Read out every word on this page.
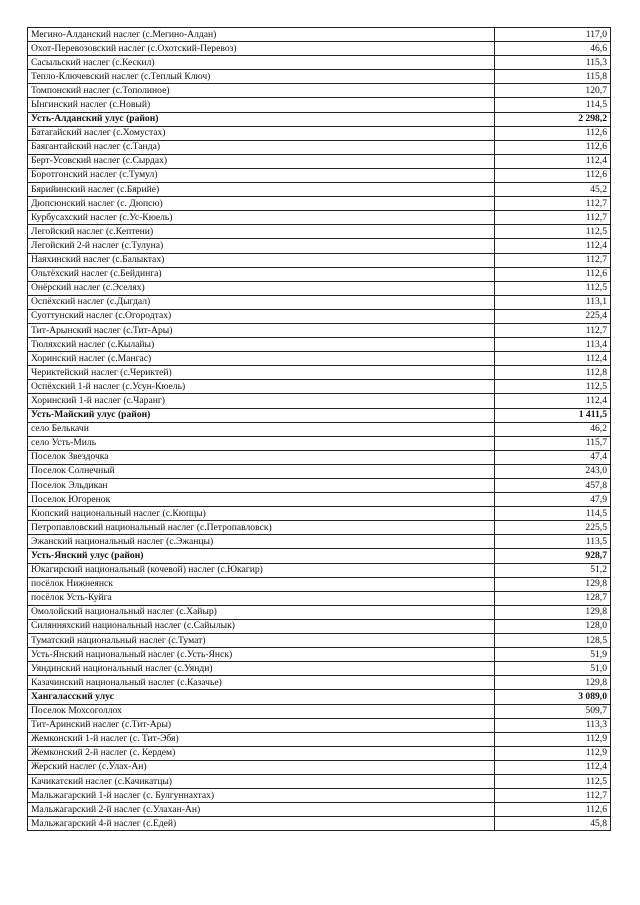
Мегино-Алданский наслег (с.Мегино-Алдан)	117,0
Охот-Перевозовский наслег (с.Охотский-Перевоз)	46,6
Сасыльский наслег (с.Кескил)	115,3
Тепло-Ключевский наслег (с.Теплый Ключ)	115,8
Томпонский наслег (с.Тополиное)	120,7
Ынгинский наслег (с.Новый)	114,5
Усть-Алданский улус (район)	2 298,2
Батагайский наслег (с.Хомустах)	112,6
Баягантайский наслег (с.Танда)	112,6
Берт-Усовский наслег (с.Сырдах)	112,4
Боротгонский наслег (с.Тумул)	112,6
Бярийинский наслег (с.Бярийе)	45,2
Дюпсюнский наслег (с. Дюпсю)	112,7
Курбусахский наслег (с.Ус-Кюель)	112,7
Легойский наслег (с.Кептени)	112,5
Легойский 2-й наслег (с.Тулуна)	112,4
Наяхинский наслег (с.Балыктах)	112,7
Ольтёхский наслег (с.Бейдинга)	112,6
Онёрский наслег (с.Эселях)	112,5
Оспёхский наслег (с.Дыгдал)	113,1
Суоттунский наслег (с.Огородтах)	225,4
Тит-Арынский наслег (с.Тит-Ары)	112,7
Тюляхский наслег (с.Кылайы)	113,4
Хоринский наслег (с.Мангас)	112,4
Чериктейский наслег (с.Чериктей)	112,8
Оспёхский 1-й наслег (с.Усун-Кюель)	112,5
Хоринский 1-й наслег (с.Чаранг)	112,4
Усть-Майский улус (район)	1 411,5
село Белькачи	46,2
село Усть-Миль	115,7
Поселок Звездочка	47,4
Поселок Солнечный	243,0
Поселок Эльдикан	457,8
Поселок Югоренок	47,9
Кюпский национальный наслег (с.Кюпцы)	114,5
Петропавловский национальный наслег (с.Петропавловск)	225,5
Эжанский национальный наслег (с.Эжанцы)	113,5
Усть-Янский улус (район)	928,7
Юкагирский национальный (кочевой) наслег (с.Юкагир)	51,2
посёлок Нижнеянск	129,8
посёлок Усть-Куйга	128,7
Омолойский национальный наслег (с.Хайыр)	129,8
Силянняхский национальный наслег (с.Сайылык)	128,0
Туматский национальный наслег (с.Тумат)	128,5
Усть-Янский национальный наслег (с.Усть-Янск)	51,9
Уяндинский национальный наслег (с.Уянди)	51,0
Казачинский национальный наслег (с.Казачье)	129,8
Хангаласский улус	3 089,0
Поселок Мохсоголлох	509,7
Тит-Аринский наслег (с.Тит-Ары)	113,3
Жемконский 1-й наслег (с. Тит-Эбя)	112,9
Жемконский 2-й наслег (с. Кердем)	112,9
Жерский наслег (с.Улах-Ан)	112,4
Качикатский наслег (с.Качикатцы)	112,5
Мальжагарский 1-й наслег (с. Булгуннахтах)	112,7
Мальжагарский 2-й наслег (с.Улахан-Ан)	112,6
Мальжагарский 4-й наслег (с.Едей)	45,8
